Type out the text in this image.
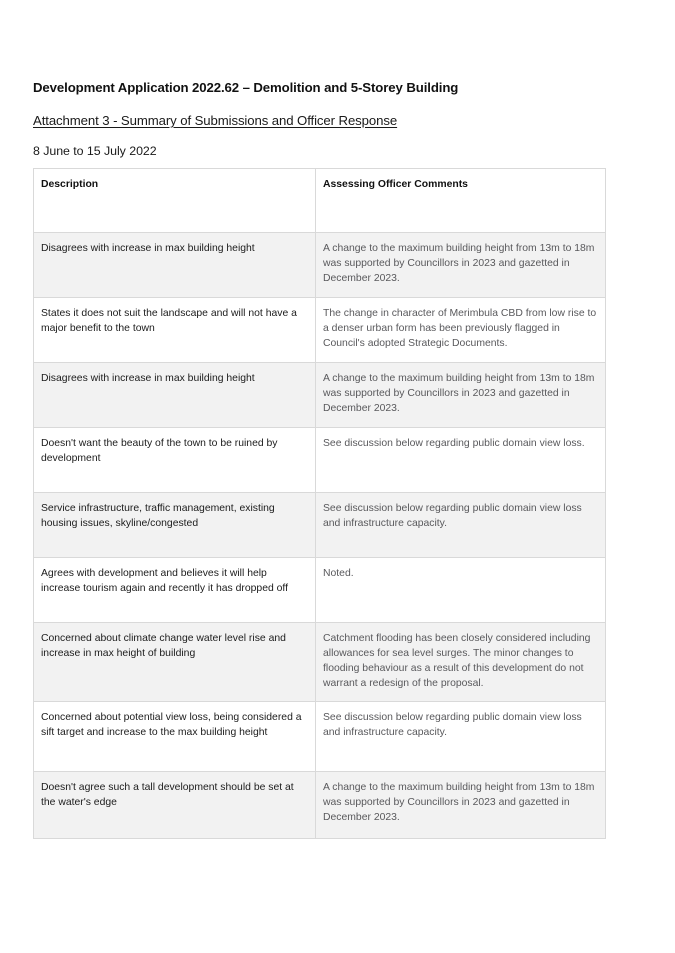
Development Application 2022.62 – Demolition and 5-Storey Building
Attachment 3 - Summary of Submissions and Officer Response
8 June to 15 July 2022
Description	Assessing Officer Comments
Disagrees with increase in max building height	A change to the maximum building height from 13m to 18m was supported by Councillors in 2023 and gazetted in December 2023.
States it does not suit the landscape and will not have a major benefit to the town	The change in character of Merimbula CBD from low rise to a denser urban form has been previously flagged in Council's adopted Strategic Documents.
Disagrees with increase in max building height	A change to the maximum building height from 13m to 18m was supported by Councillors in 2023 and gazetted in December 2023.
Doesn't want the beauty of the town to be ruined by development	See discussion below regarding public domain view loss.
Service infrastructure, traffic management, existing housing issues, skyline/congested	See discussion below regarding public domain view loss and infrastructure capacity.
Agrees with development and believes it will help increase tourism again and recently it has dropped off	Noted.
Concerned about climate change water level rise and increase in max height of building	Catchment flooding has been closely considered including allowances for sea level surges. The minor changes to flooding behaviour as a result of this development do not warrant a redesign of the proposal.
Concerned about potential view loss, being considered a sift target and increase to the max building height	See discussion below regarding public domain view loss and infrastructure capacity.
Doesn't agree such a tall development should be set at the water's edge	A change to the maximum building height from 13m to 18m was supported by Councillors in 2023 and gazetted in December 2023.
